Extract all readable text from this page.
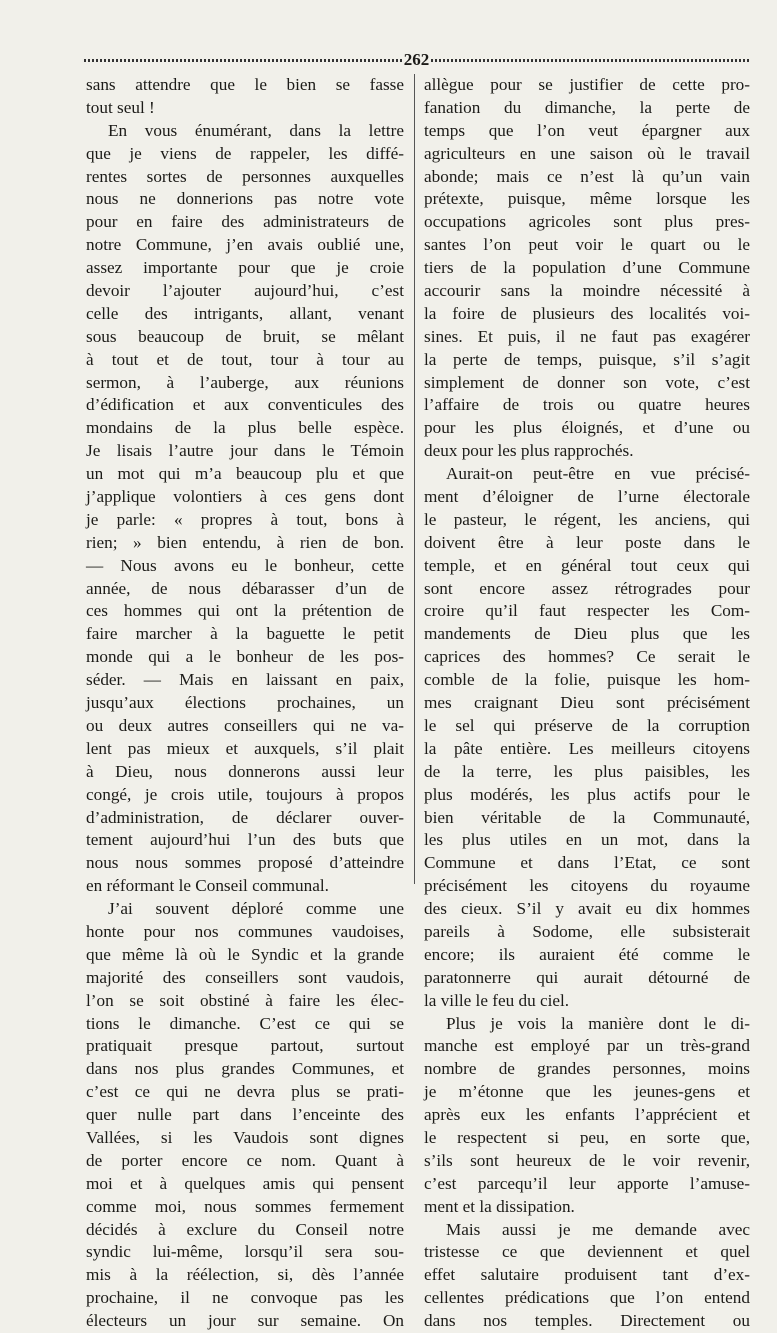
262
sans attendre que le bien se fasse
tout seul !
En vous énumérant, dans la lettre
que je viens de rappeler, les diffé-
rentes sortes de personnes auxquelles
nous ne donnerions pas notre vote
pour en faire des administrateurs de
notre Commune, j’en avais oublié une,
assez importante pour que je croie
devoir l’ajouter aujourd’hui, c’est
celle des intrigants, allant, venant
sous beaucoup de bruit, se mêlant
à tout et de tout, tour à tour au
sermon, à l’auberge, aux réunions
d’édification et aux conventicules des
mondains de la plus belle espèce.
Je lisais l’autre jour dans le Témoin
un mot qui m’a beaucoup plu et que
j’applique volontiers à ces gens dont
je parle: « propres à tout, bons à
rien; » bien entendu, à rien de bon.
— Nous avons eu le bonheur, cette
année, de nous débarasser d’un de
ces hommes qui ont la prétention de
faire marcher à la baguette le petit
monde qui a le bonheur de les pos-
séder. — Mais en laissant en paix,
jusqu’aux élections prochaines, un
ou deux autres conseillers qui ne va-
lent pas mieux et auxquels, s’il plait
à Dieu, nous donnerons aussi leur
congé, je crois utile, toujours à propos
d’administration, de déclarer ouver-
tement aujourd’hui l’un des buts que
nous nous sommes proposé d’atteindre
en réformant le Conseil communal.
J’ai souvent déploré comme une
honte pour nos communes vaudoises,
que même là où le Syndic et la grande
majorité des conseillers sont vaudois,
l’on se soit obstiné à faire les élec-
tions le dimanche. C’est ce qui se
pratiquait presque partout, surtout
dans nos plus grandes Communes, et
c’est ce qui ne devra plus se prati-
quer nulle part dans l’enceinte des
Vallées, si les Vaudois sont dignes
de porter encore ce nom. Quant à
moi et à quelques amis qui pensent
comme moi, nous sommes fermement
décidés à exclure du Conseil notre
syndic lui-même, lorsqu’il sera sou-
mis à la réélection, si, dès l’année
prochaine, il ne convoque pas les
électeurs un jour sur semaine. On
allègue pour se justifier de cette pro-
fanation du dimanche, la perte de
temps que l’on veut épargner aux
agriculteurs en une saison où le travail
abonde; mais ce n’est là qu’un vain
prétexte, puisque, même lorsque les
occupations agricoles sont plus pres-
santes l’on peut voir le quart ou le
tiers de la population d’une Commune
accourir sans la moindre nécessité à
la foire de plusieurs des localités voi-
sines. Et puis, il ne faut pas exagérer
la perte de temps, puisque, s’il s’agit
simplement de donner son vote, c’est
l’affaire de trois ou quatre heures
pour les plus éloignés, et d’une ou
deux pour les plus rapprochés.
Aurait-on peut-être en vue précisé-
ment d’éloigner de l’urne électorale
le pasteur, le régent, les anciens, qui
doivent être à leur poste dans le
temple, et en général tout ceux qui
sont encore assez rétrogrades pour
croire qu’il faut respecter les Com-
mandements de Dieu plus que les
caprices des hommes? Ce serait le
comble de la folie, puisque les hom-
mes craignant Dieu sont précisément
le sel qui préserve de la corruption
la pâte entière. Les meilleurs citoyens
de la terre, les plus paisibles, les
plus modérés, les plus actifs pour le
bien véritable de la Communauté,
les plus utiles en un mot, dans la
Commune et dans l’Etat, ce sont
précisément les citoyens du royaume
des cieux. S’il y avait eu dix hommes
pareils à Sodome, elle subsisterait
encore; ils auraient été comme le
paratonnerre qui aurait détourné de
la ville le feu du ciel.
Plus je vois la manière dont le di-
manche est employé par un très-grand
nombre de grandes personnes, moins
je m’étonne que les jeunes-gens et
après eux les enfants l’apprécient et
le respectent si peu, en sorte que,
s’ils sont heureux de le voir revenir,
c’est parcequ’il leur apporte l’amuse-
ment et la dissipation.
Mais aussi je me demande avec
tristesse ce que deviennent et quel
effet salutaire produisent tant d’ex-
cellentes prédications que l’on entend
dans nos temples. Directement ou
